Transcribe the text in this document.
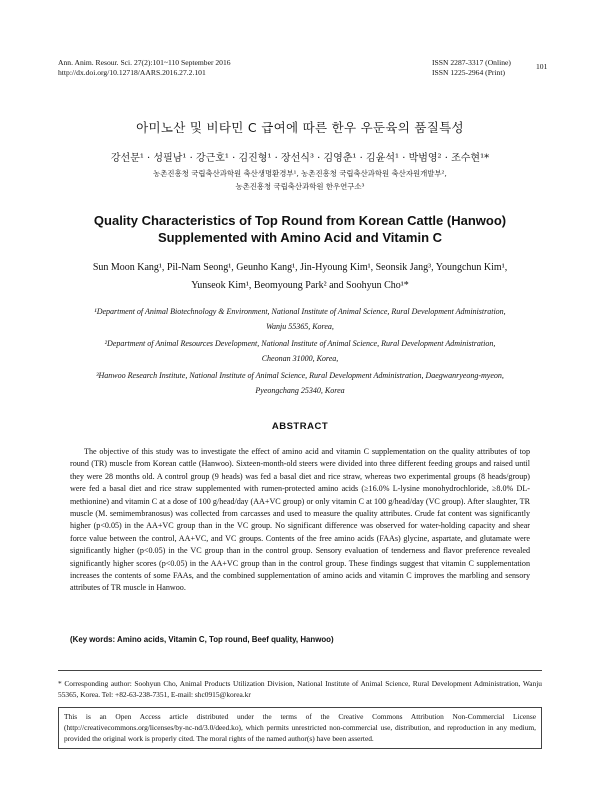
Ann. Anim. Resour. Sci. 27(2):101~110 September 2016
http://dx.doi.org/10.12718/AARS.2016.27.2.101
ISSN 2287-3317 (Online)
ISSN 1225-2964 (Print)
101
아미노산 및 비타민 C 급여에 따른 한우 우둔육의 품질특성
강선문¹ · 성필남¹ · 강근호¹ · 김진형¹ · 장선식³ · 김영춘¹ · 김윤석¹ · 박범영² · 조수현¹*
농촌진흥청 국립축산과학원 축산생명환경부¹, 농촌진흥청 국립축산과학원 축산자원개발부²,
농촌진흥청 국립축산과학원 한우연구소³
Quality Characteristics of Top Round from Korean Cattle (Hanwoo)
Supplemented with Amino Acid and Vitamin C
Sun Moon Kang¹, Pil-Nam Seong¹, Geunho Kang¹, Jin-Hyoung Kim¹, Seonsik Jang³, Youngchun Kim¹,
Yunseok Kim¹, Beomyoung Park² and Soohyun Cho¹*
¹Department of Animal Biotechnology & Environment, National Institute of Animal Science, Rural Development Administration,
Wanju 55365, Korea,
²Department of Animal Resources Development, National Institute of Animal Science, Rural Development Administration,
Cheonan 31000, Korea,
³Hanwoo Research Institute, National Institute of Animal Science, Rural Development Administration, Daegwanryeong-myeon,
Pyeongchang 25340, Korea
ABSTRACT

The objective of this study was to investigate the effect of amino acid and vitamin C supplementation on the quality attributes of top round (TR) muscle from Korean cattle (Hanwoo). Sixteen-month-old steers were divided into three different feeding groups and raised until they were 28 months old. A control group (9 heads) was fed a basal diet and rice straw, whereas two experimental groups (8 heads/group) were fed a basal diet and rice straw supplemented with rumen-protected amino acids (≥16.0% L-lysine monohydrochloride, ≥8.0% DL-methionine) and vitamin C at a dose of 100 g/head/day (AA+VC group) or only vitamin C at 100 g/head/day (VC group). After slaughter, TR muscle (M. semimembranosus) was collected from carcasses and used to measure the quality attributes. Crude fat content was significantly higher (p<0.05) in the AA+VC group than in the VC group. No significant difference was observed for water-holding capacity and shear force value between the control, AA+VC, and VC groups. Contents of the free amino acids (FAAs) glycine, aspartate, and glutamate were significantly higher (p<0.05) in the VC group than in the control group. Sensory evaluation of tenderness and flavor preference revealed significantly higher scores (p<0.05) in the AA+VC group than in the control group. These findings suggest that vitamin C supplementation increases the contents of some FAAs, and the combined supplementation of amino acids and vitamin C improves the marbling and sensory attributes of TR muscle in Hanwoo.

(Key words: Amino acids, Vitamin C, Top round, Beef quality, Hanwoo)

* Corresponding author: Soohyun Cho, Animal Products Utilization Division, National Institute of Animal Science, Rural Development Administration, Wanju 55365, Korea. Tel: +82-63-238-7351, E-mail: shc0915@korea.kr

This is an Open Access article distributed under the terms of the Creative Commons Attribution Non-Commercial License (http://creativecommons.org/licenses/by-nc-nd/3.0/deed.ko), which permits unrestricted non-commercial use, distribution, and reproduction in any medium, provided the original work is properly cited. The moral rights of the named author(s) have been asserted.
